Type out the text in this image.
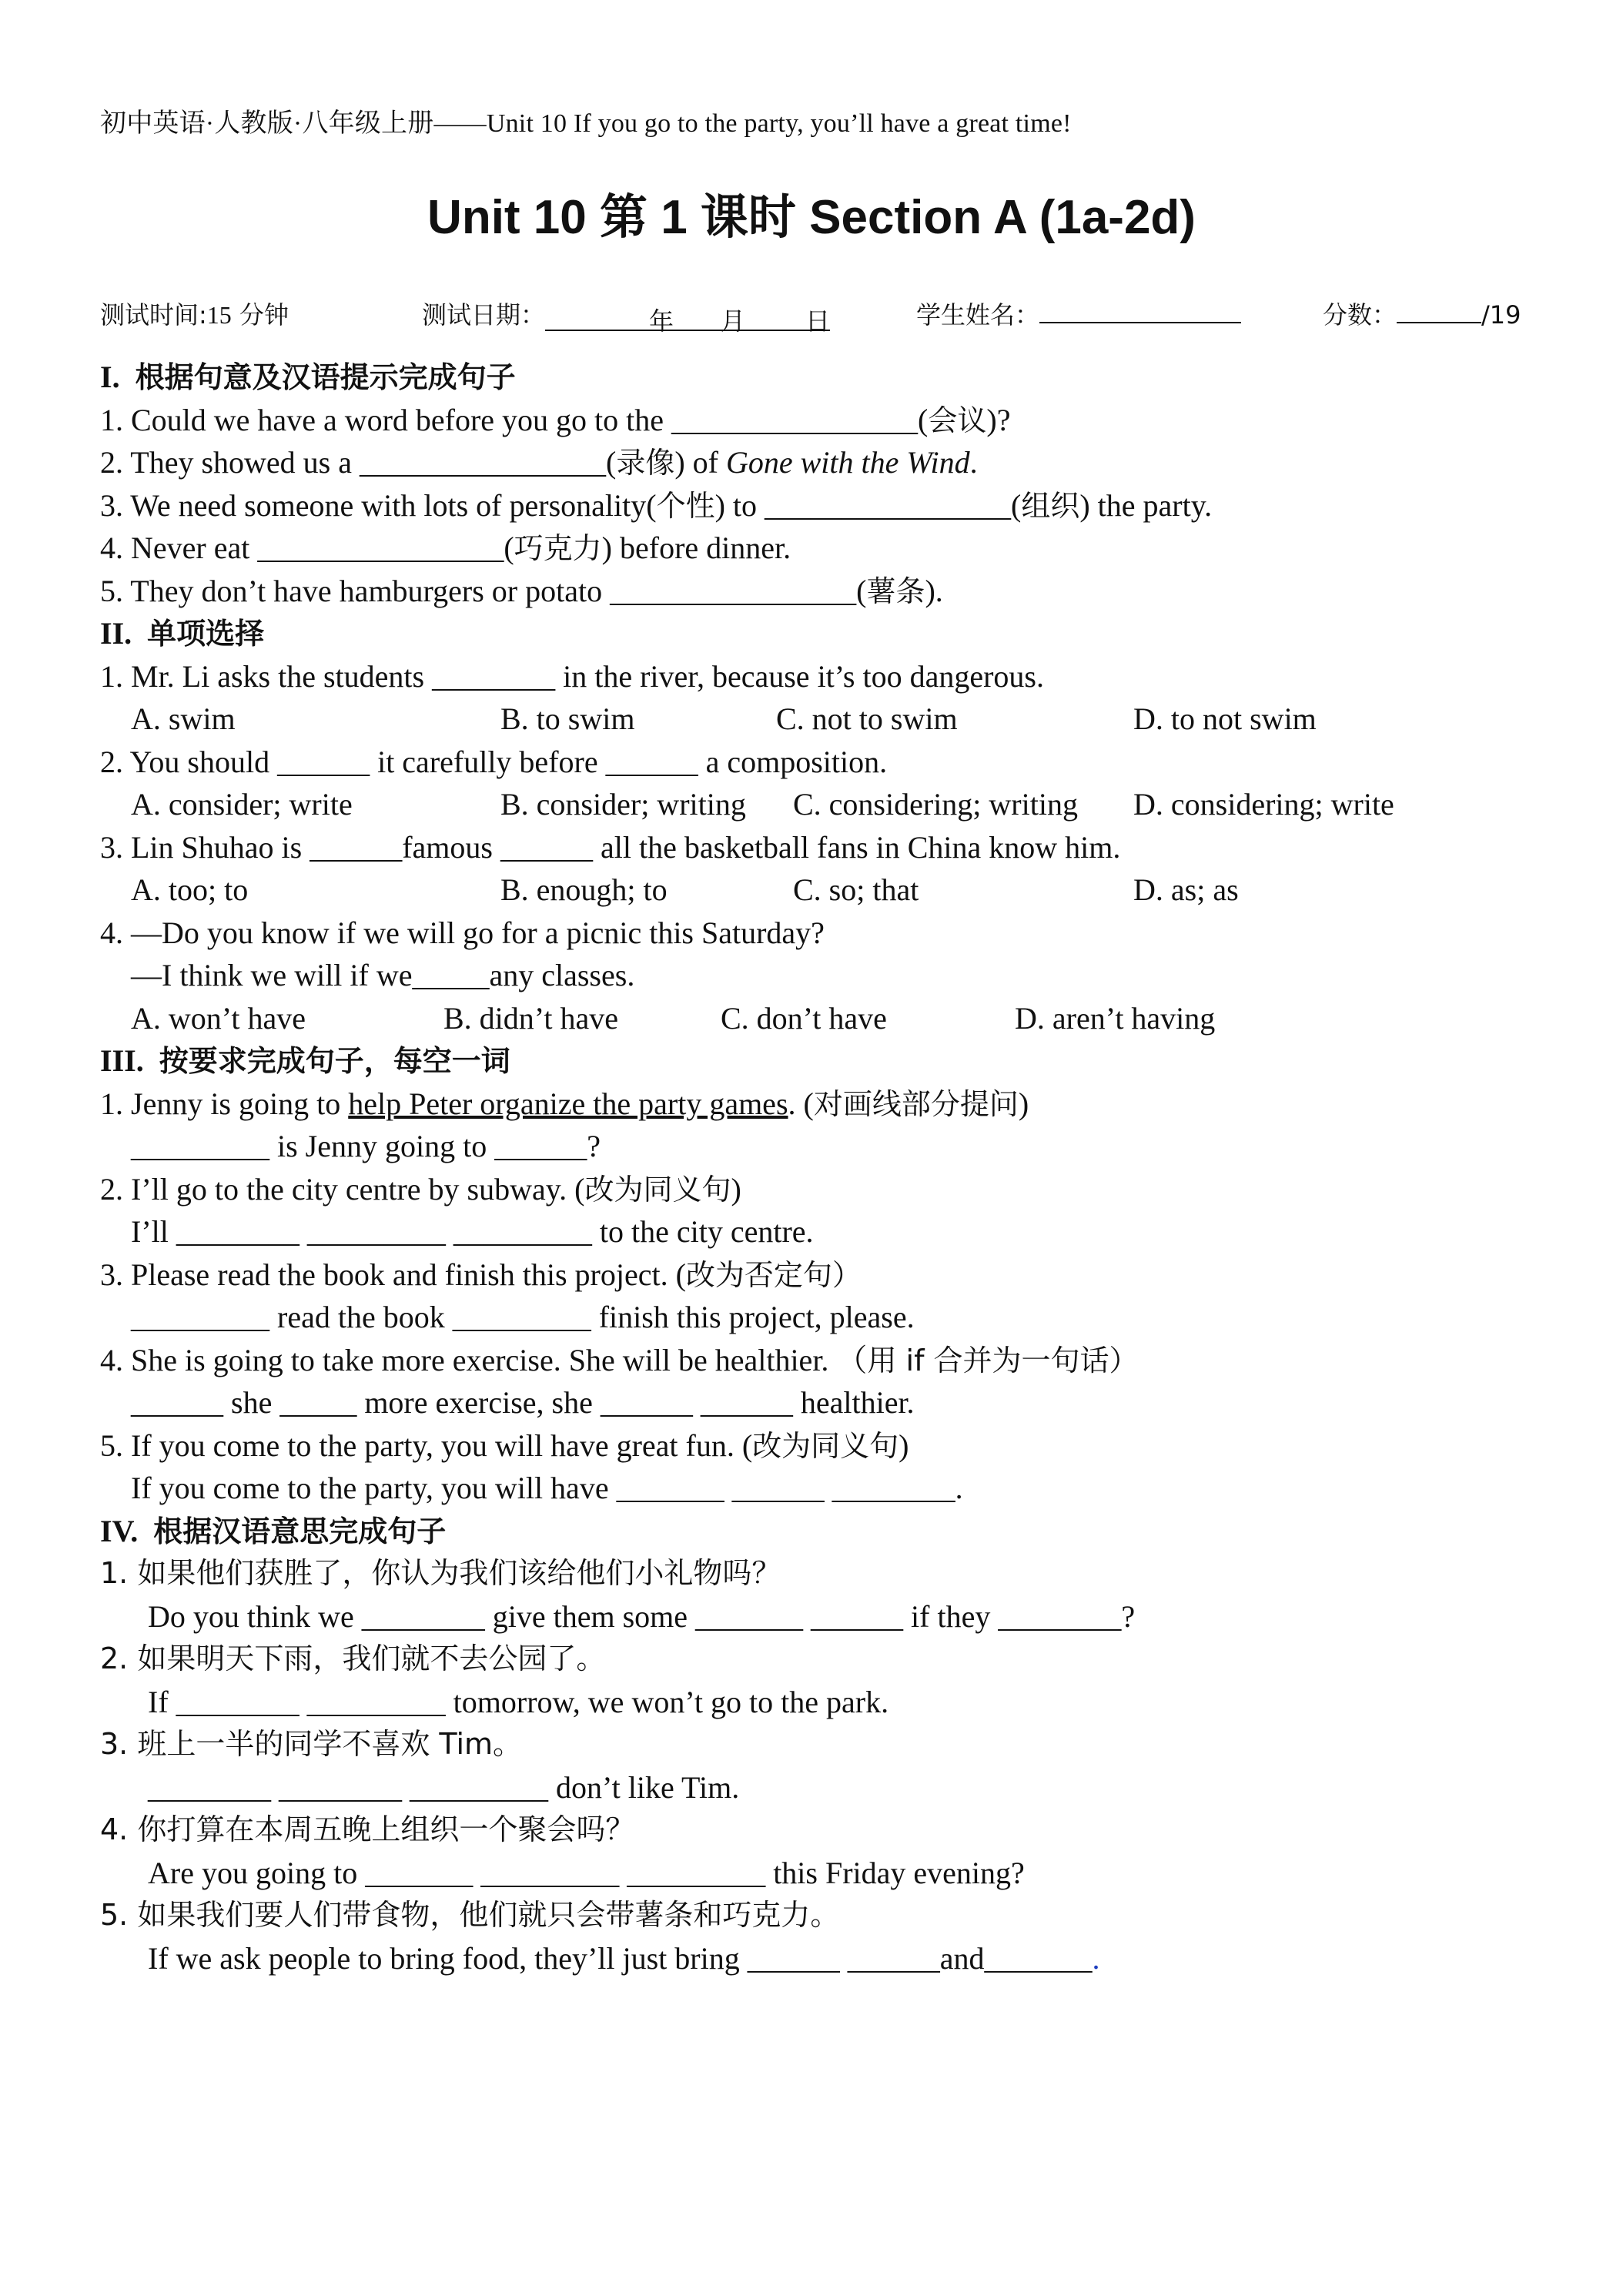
初中英语·人教版·八年级上册——Unit 10 If you go to the party, you’ll have a great time!
Unit 10 第 1 课时 Section A (1a-2d)
测试时间:15 分钟	测试日期：	年 月 日	学生姓名：	分数：	/19
I. 根据句意及汉语提示完成句子
1. Could we have a word before you go to the ________________(会议)?
2. They showed us a ________________(录像) of Gone with the Wind.
3. We need someone with lots of personality(个性) to ________________(组织) the party.
4. Never eat ________________(巧克力) before dinner.
5. They don’t have hamburgers or potato ________________(薯条).
II. 单项选择
1. Mr. Li asks the students ________ in the river, because it’s too dangerous.
A. swim	B. to swim	C. not to swim	D. to not swim
2. You should ______ it carefully before ______ a composition.
A. consider; write	B. consider; writing C. considering; writing D. considering; write
3. Lin Shuhao is ______famous ______ all the basketball fans in China know him.
A. too; to	B. enough; to	C. so; that	D. as; as
4. —Do you know if we will go for a picnic this Saturday?
—I think we will if we_____any classes.
A. won’t have	B. didn’t have	C. don’t have	D. aren’t having
III. 按要求完成句子，每空一词
1. Jenny is going to help Peter organize the party games. (对画线部分提问)
_________ is Jenny going to ______?
2. I’ll go to the city centre by subway. (改为同义句)
I’ll ________ _________ _________ to the city centre.
3. Please read the book and finish this project. (改为否定句）
_________ read the book _________ finish this project, please.
4. She is going to take more exercise. She will be healthier. （用 if 合并为一句话）
______ she _____ more exercise, she ______ ______ healthier.
5. If you come to the party, you will have great fun. (改为同义句)
If you come to the party, you will have _______ ______ ________.
IV. 根据汉语意思完成句子
1. 如果他们获胜了，你认为我们该给他们小礼物吗？
Do you think we ________ give them some _______ ______ if they ________?
2. 如果明天下雨，我们就不去公园了。
If ________ _________ tomorrow, we won’t go to the park.
3. 班上一半的同学不喜欢 Tim。
________ ________ _________ don’t like Tim.
4. 你打算在本周五晚上组织一个聚会吗？
Are you going to _______ _________ _________ this Friday evening?
5. 如果我们要人们带食物，他们就只会带薯条和巧克力。
If we ask people to bring food, they’ll just bring ______ ______and_______.
